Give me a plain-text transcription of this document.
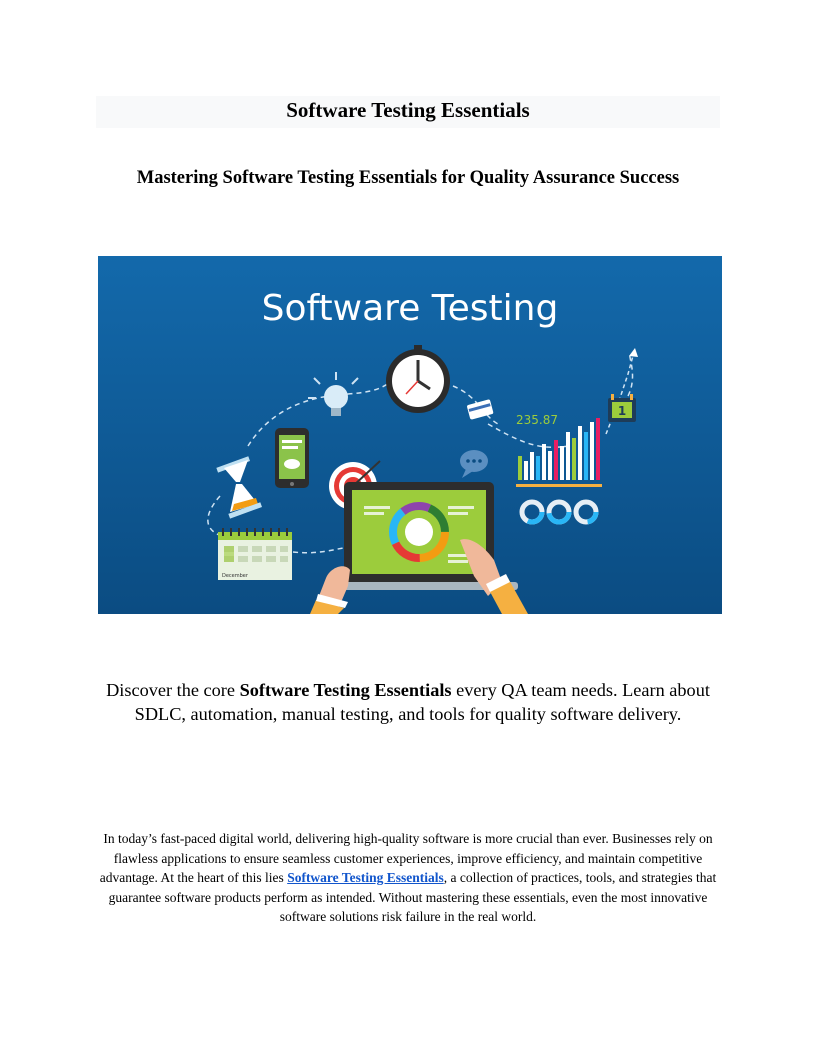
Software Testing Essentials
Mastering Software Testing Essentials for Quality Assurance Success
Software Testing
December
235.87
1

Discover the core Software Testing Essentials every QA team needs. Learn about SDLC, automation, manual testing, and tools for quality software delivery.

In today’s fast-paced digital world, delivering high-quality software is more crucial than ever. Businesses rely on flawless applications to ensure seamless customer experiences, improve efficiency, and maintain competitive advantage. At the heart of this lies Software Testing Essentials, a collection of practices, tools, and strategies that guarantee software products perform as intended. Without mastering these essentials, even the most innovative software solutions risk failure in the real world.
